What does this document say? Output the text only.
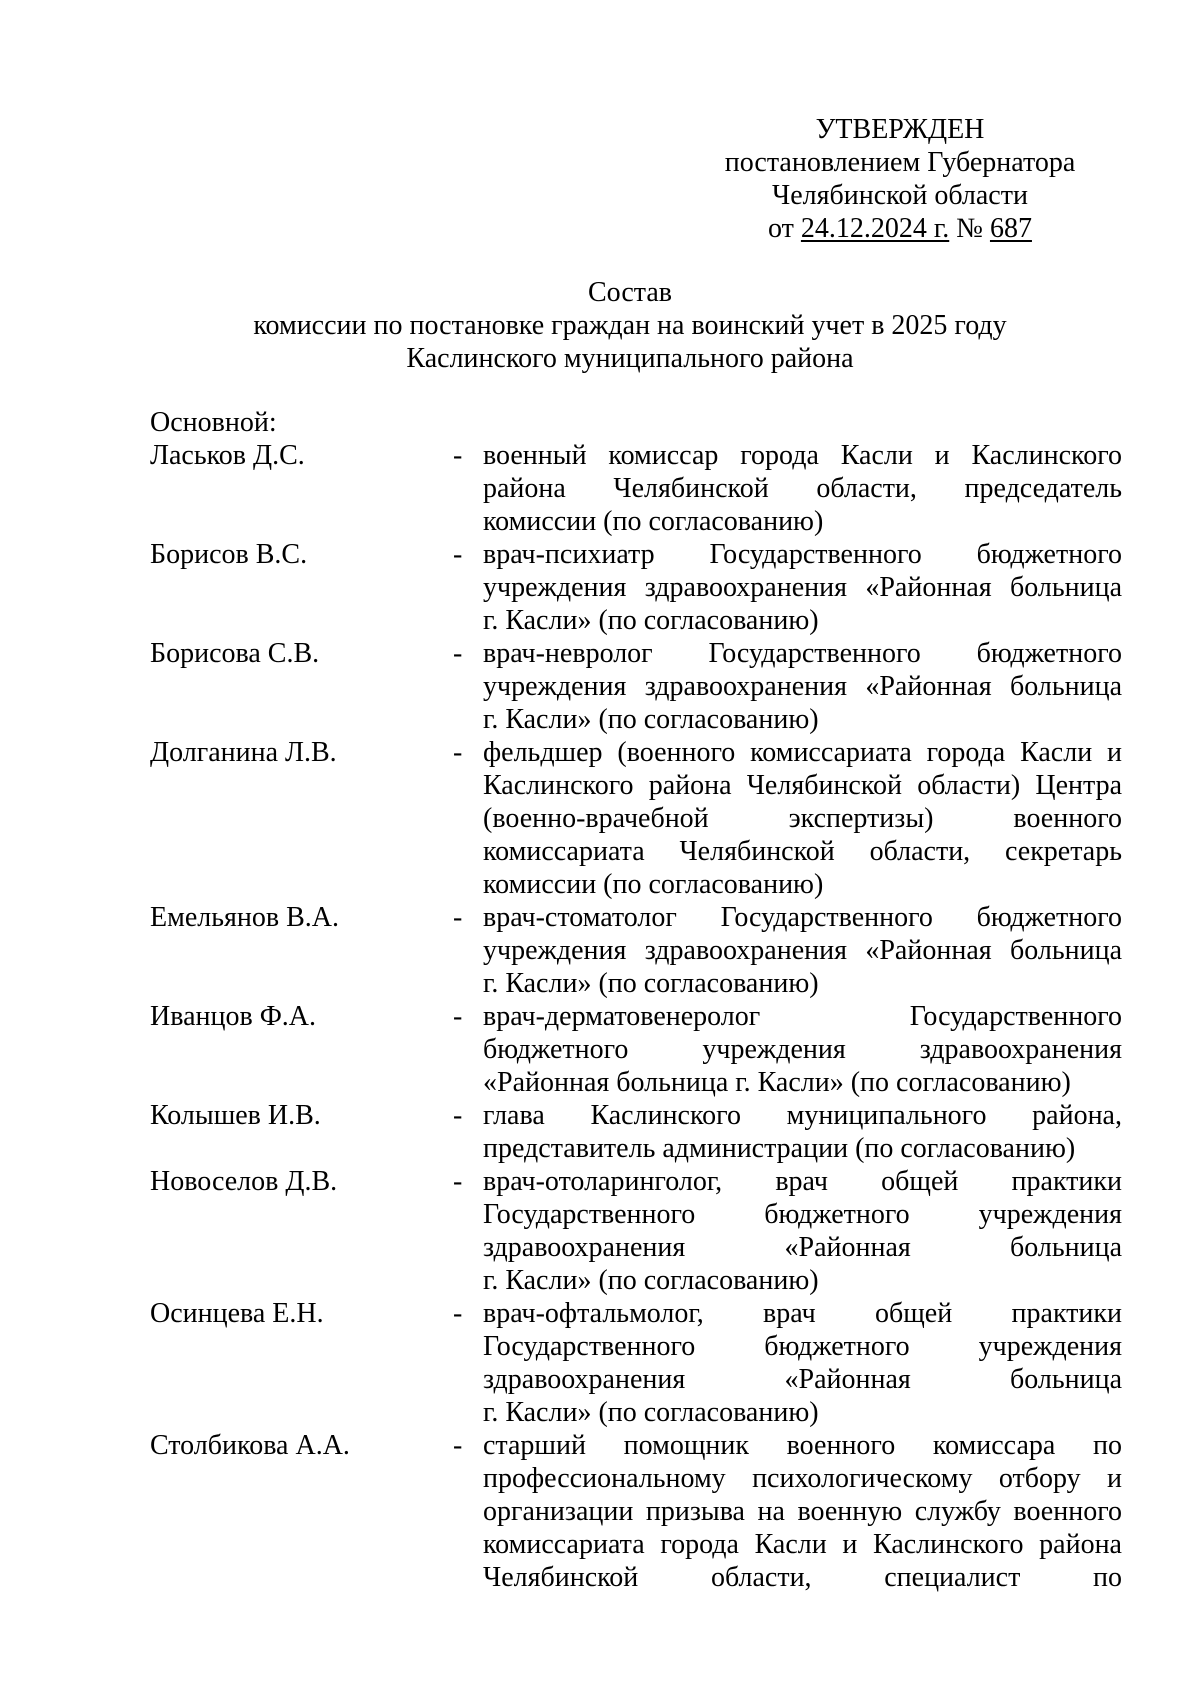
УТВЕРЖДЕН
постановлением Губернатора
Челябинской области
от 24.12.2024 г. № 687
Состав
комиссии по постановке граждан на воинский учет в 2025 году
Каслинского муниципального района
Основной:
Ласьков Д.С.	- военный комиссар города Касли и Каслинского
района Челябинской области, председатель
комиссии (по согласованию)
Борисов В.С.	- врач-психиатр Государственного бюджетного
учреждения здравоохранения «Районная больница
г. Касли» (по согласованию)
Борисова С.В.	- врач-невролог Государственного бюджетного
учреждения здравоохранения «Районная больница
г. Касли» (по согласованию)
Долганина Л.В.	- фельдшер (военного комиссариата города Касли и
Каслинского района Челябинской области) Центра
(военно-врачебной экспертизы) военного
комиссариата Челябинской области, секретарь
комиссии (по согласованию)
Емельянов В.А.	- врач-стоматолог Государственного бюджетного
учреждения здравоохранения «Районная больница
г. Касли» (по согласованию)
Иванцов Ф.А.	- врач-дерматовенеролог Государственного
бюджетного учреждения здравоохранения
«Районная больница г. Касли» (по согласованию)
Колышев И.В.	- глава Каслинского муниципального района,
представитель администрации (по согласованию)
Новоселов Д.В.	- врач-отоларинголог, врач общей практики
Государственного бюджетного учреждения
здравоохранения «Районная больница
г. Касли» (по согласованию)
Осинцева Е.Н.	- врач-офтальмолог, врач общей практики
Государственного бюджетного учреждения
здравоохранения «Районная больница
г. Касли» (по согласованию)
Столбикова А.А.	- старший помощник военного комиссара по
профессиональному психологическому отбору и
организации призыва на военную службу военного
комиссариата города Касли и Каслинского района
Челябинской области, специалист по
